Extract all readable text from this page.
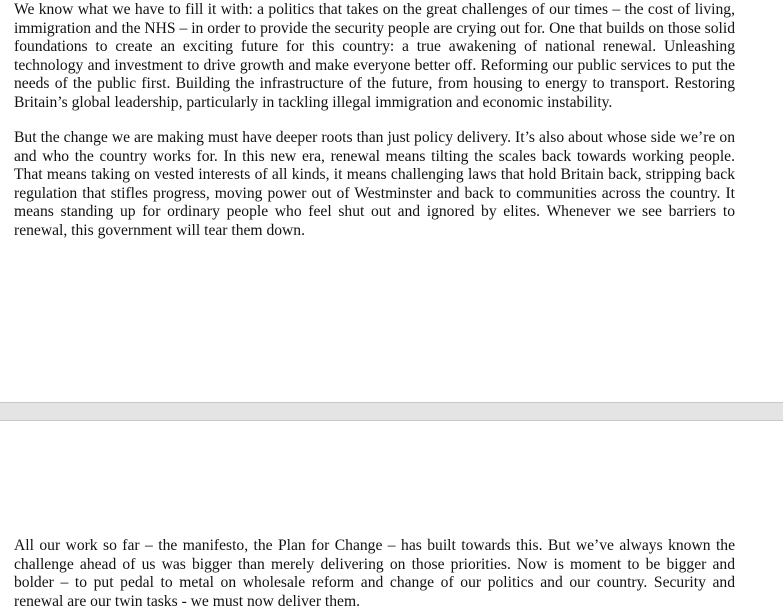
We know what we have to fill it with: a politics that takes on the great challenges of our times – the cost of living, immigration and the NHS – in order to provide the security people are crying out for. One that builds on those solid foundations to create an exciting future for this country: a true awakening of national renewal. Unleashing technology and investment to drive growth and make everyone better off. Reforming our public services to put the needs of the public first. Building the infrastructure of the future, from housing to energy to transport. Restoring Britain’s global leadership, particularly in tackling illegal immigration and economic instability.

But the change we are making must have deeper roots than just policy delivery. It’s also about whose side we’re on and who the country works for. In this new era, renewal means tilting the scales back towards working people. That means taking on vested interests of all kinds, it means challenging laws that hold Britain back, stripping back regulation that stifles progress, moving power out of Westminster and back to communities across the country. It means standing up for ordinary people who feel shut out and ignored by elites. Whenever we see barriers to renewal, this government will tear them down.

All our work so far – the manifesto, the Plan for Change – has built towards this. But we’ve always known the challenge ahead of us was bigger than merely delivering on those priorities. Now is moment to be bigger and bolder – to put pedal to metal on wholesale reform and change of our politics and our country. Security and renewal are our twin tasks - we must now deliver them.
